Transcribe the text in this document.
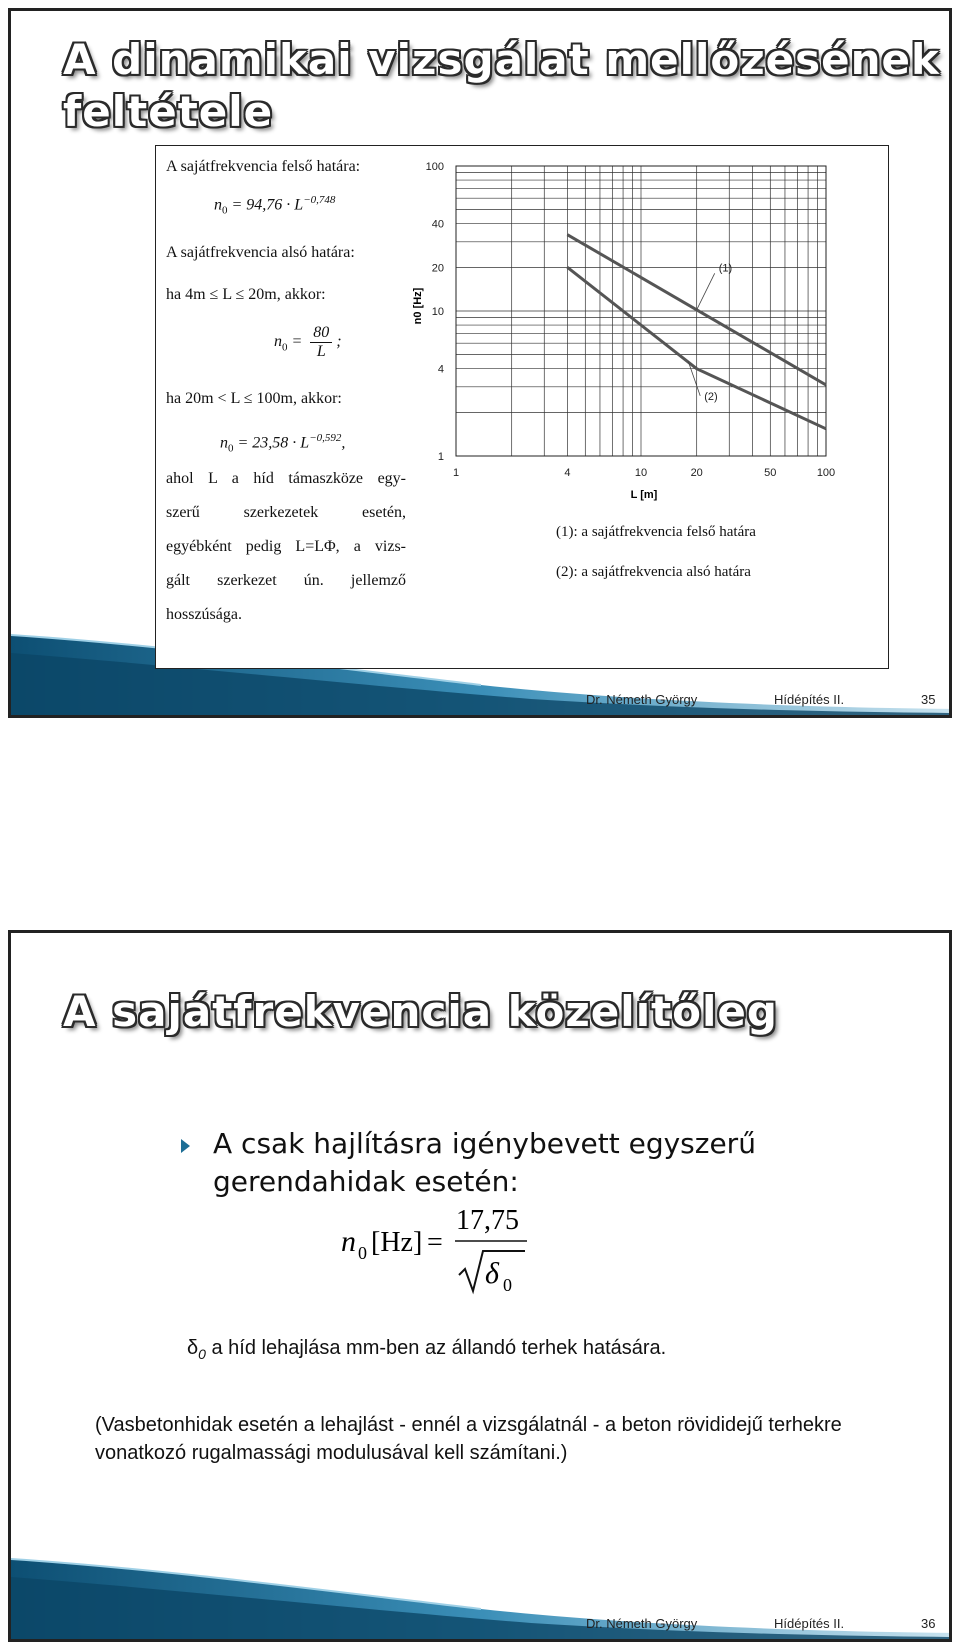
A dinamikai vizsgálat mellőzésének
feltétele
A sajátfrekvencia felső határa:
$n_0 = 94,76 \cdot L^{-0,748}$
A sajátfrekvencia alsó határa:
ha 4m ≤ L ≤ 20m, akkor:
$n_0 = \frac{80}{L}$ ;
ha 20m < L ≤ 100m, akkor:
$n_0 = 23,58 \cdot L^{-0,592}$,
ahol L a híd támaszköze egy-
szerű szerkezetek esetén,
egyébként pedig L=LΦ, a vizs-
gált szerkezet ún. jellemző
hosszúsága.
n0 [Hz]
L [m]
1	4	10	20	50	100
1
4
10
20
40
100
(1)
(2)
(1): a sajátfrekvencia felső határa
(2): a sajátfrekvencia alsó határa
Dr. Németh György	Hídépítés II.	35
A sajátfrekvencia közelítőleg
A csak hajlításra igénybevett egyszerű gerendahidak esetén:
n 0 [Hz] =
17,75
δ 0
$\delta_0$ a híd lehajlása mm-ben az állandó terhek hatására.
(Vasbetonhidak esetén a lehajlást - ennél a vizsgálatnál - a beton rövididejű terhekre vonatkozó rugalmassági modulusával kell számítani.)
Dr. Németh György	Hídépítés II.	36
